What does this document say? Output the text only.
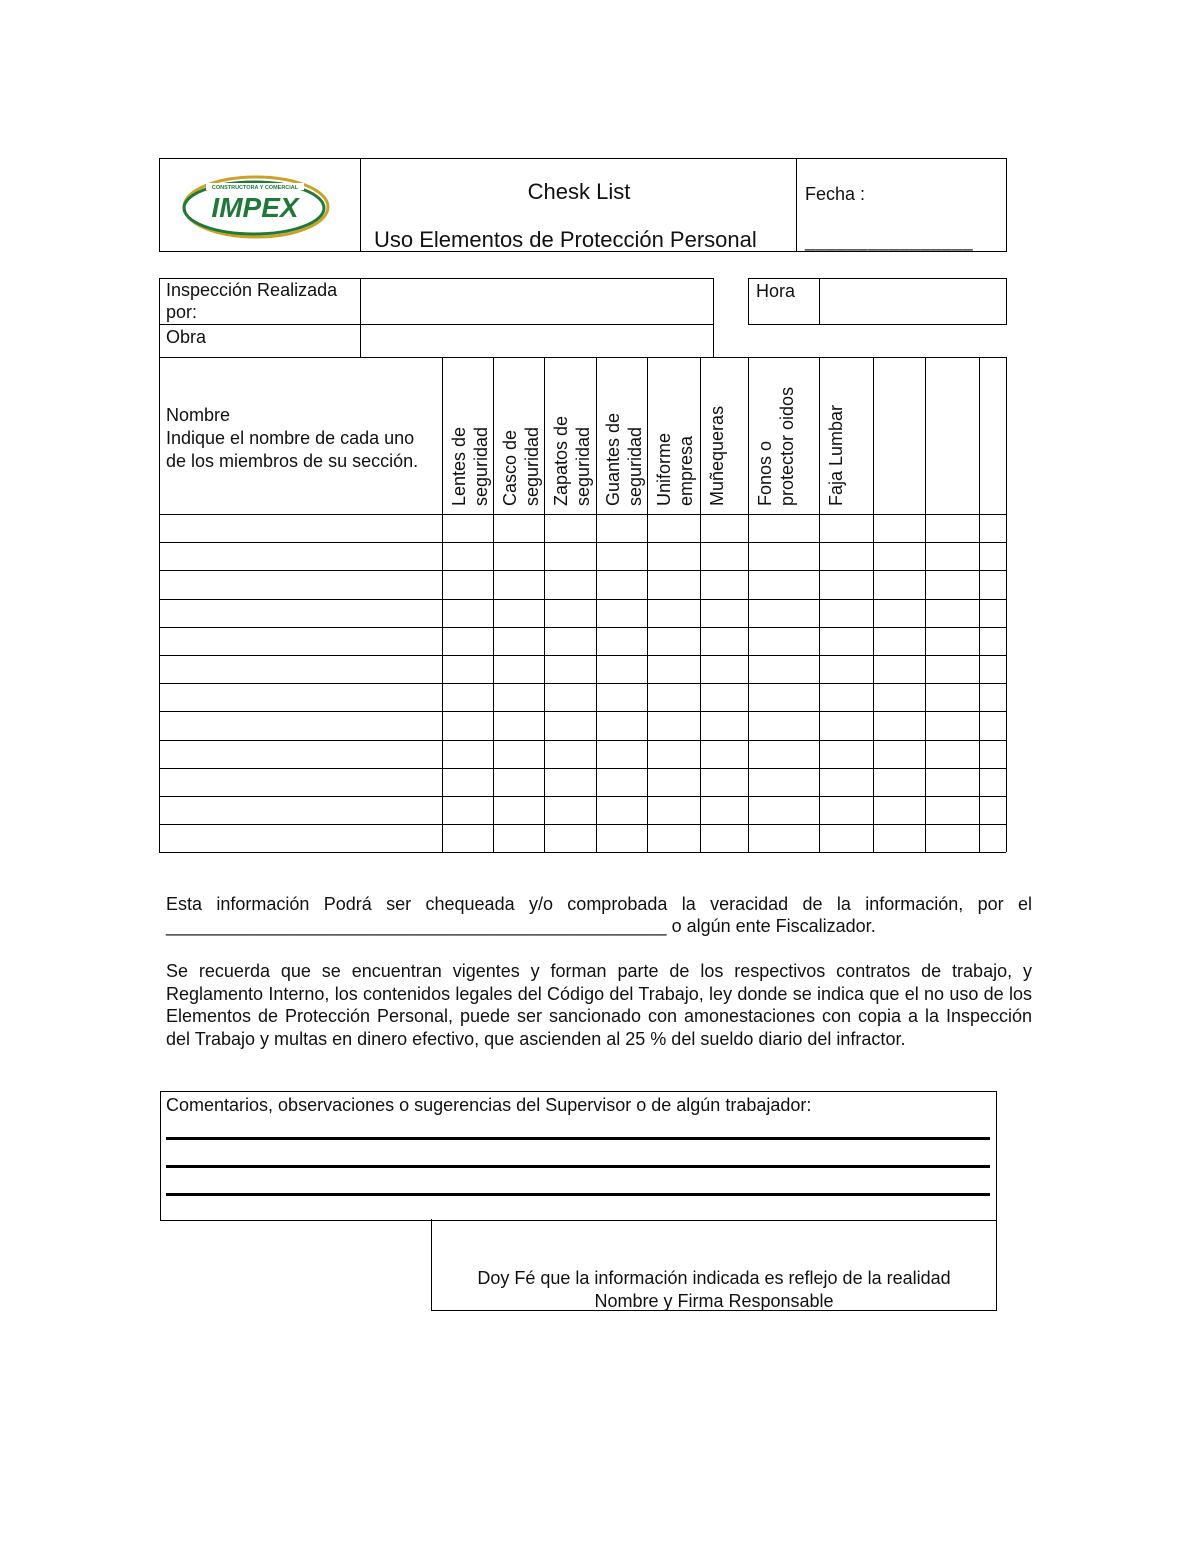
CONSTRUCTORA Y COMERCIAL
IMPEX
Chesk List
Uso Elementos de Protección Personal
Fecha :
________________
Inspección Realizada por:
Obra
Hora
Nombre
Indique el nombre de cada uno de los miembros de su sección.
Esta información Podrá ser chequeada y/o comprobada la veracidad de la información, por el
__________________________________________________ o algún ente Fiscalizador.
Se recuerda que se encuentran vigentes y forman parte de los respectivos contratos de trabajo, y Reglamento Interno, los contenidos legales del Código del Trabajo, ley donde se indica que el no uso de los Elementos de Protección Personal, puede ser sancionado con amonestaciones con copia a la Inspección del Trabajo y multas en dinero efectivo, que ascienden al 25 % del sueldo diario del infractor.
Comentarios, observaciones o sugerencias del Supervisor o de algún trabajador:
Doy Fé que la información indicada es reflejo de la realidad
Nombre y Firma Responsable
Lentes de seguridad Casco de seguridad Zapatos de seguridad Guantes de seguridad Uniforme empresa Muñequeras	Fonos o protector oidos	Faja Lumbar
